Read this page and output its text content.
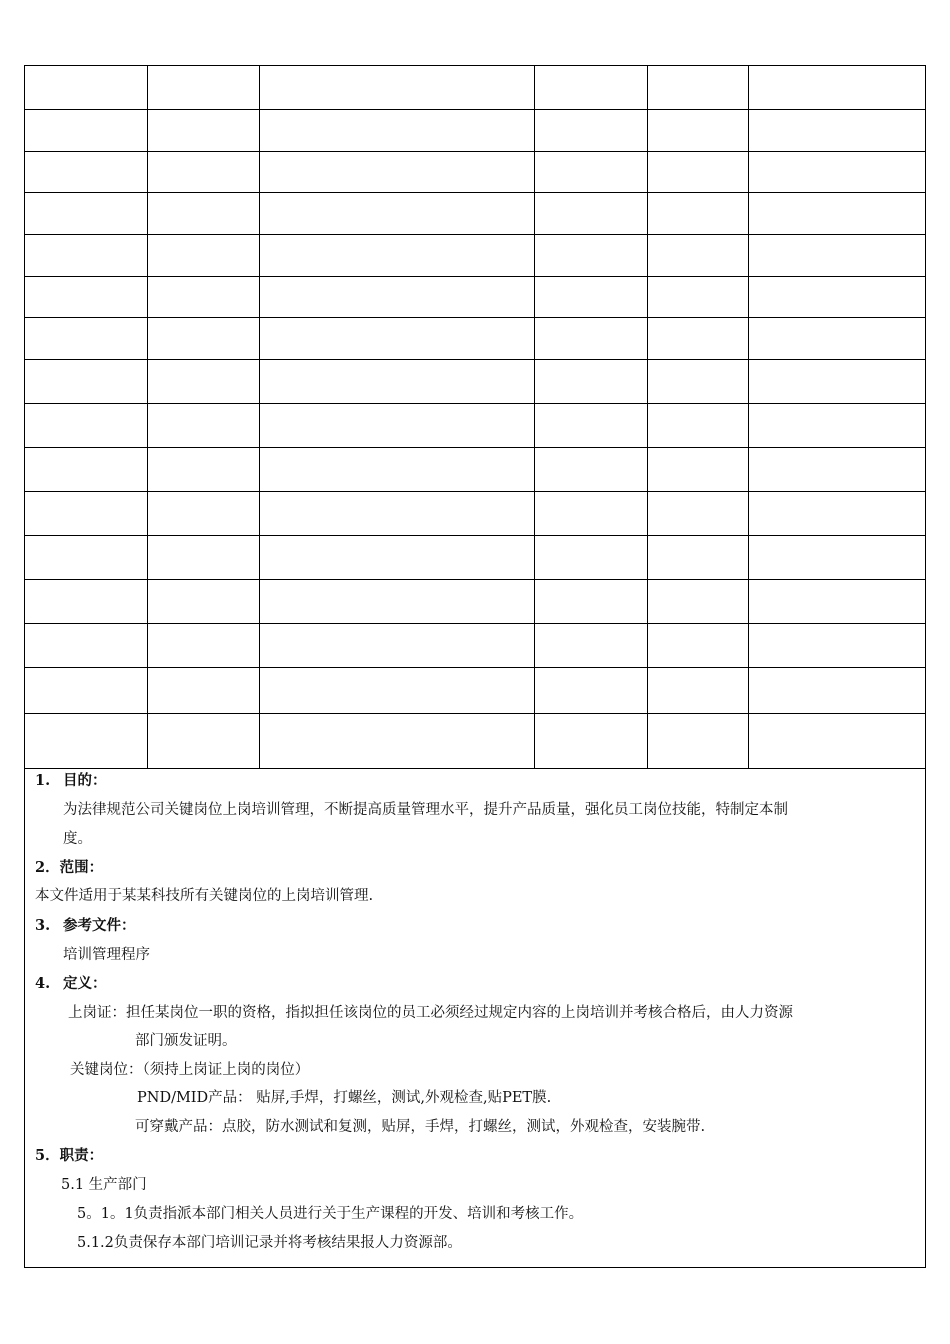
1. 目的：
为法律规范公司关键岗位上岗培训管理，不断提高质量管理水平，提升产品质量，强化员工岗位技能，特制定本制
度。
2．范围：
本文件适用于某某科技所有关键岗位的上岗培训管理.
3. 参考文件：
培训管理程序
4. 定义：
上岗证：担任某岗位一职的资格，指拟担任该岗位的员工必须经过规定内容的上岗培训并考核合格后，由人力资源
部门颁发证明。
关键岗位：（须持上岗证上岗的岗位）
PND/MID产品： 贴屏,手焊，打螺丝，测试,外观检查,贴PET膜.
可穿戴产品：点胶，防水测试和复测，贴屏，手焊，打螺丝，测试，外观检查，安装腕带.
5．职责：
5.1 生产部门
5。1。1负责指派本部门相关人员进行关于生产课程的开发、培训和考核工作。
5.1.2负责保存本部门培训记录并将考核结果报人力资源部。
